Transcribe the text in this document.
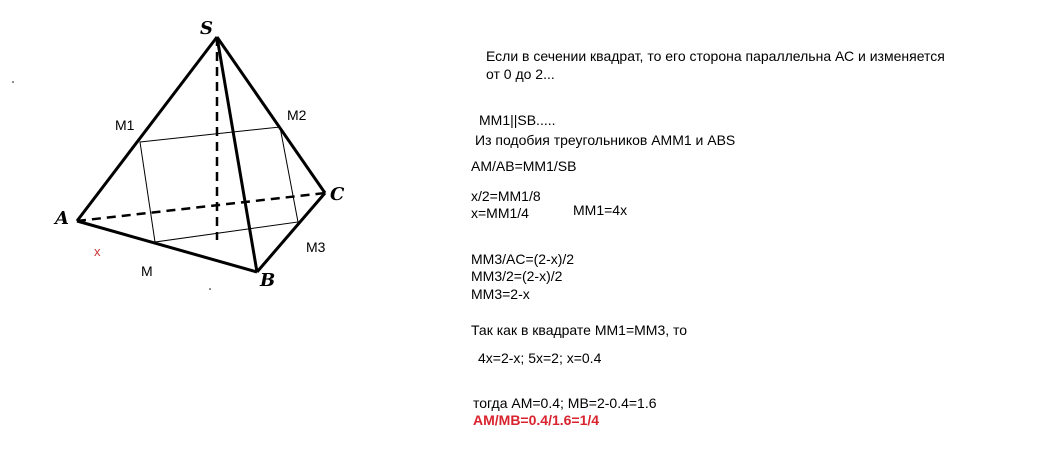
S
A
B
C
M1
M2
M3
M
x
Если в сечении квадрат, то его сторона параллельна АС и изменяется
от 0 до 2...
MM1||SB.....
Из подобия треугольников АММ1 и ABS
AM/AB=MM1/SB
x/2=MM1/8
x=MM1/4	MM1=4x
MM3/AC=(2-x)/2
MM3/2=(2-x)/2
MM3=2-x
Так как в квадрате MM1=MM3, то
4x=2-x; 5x=2; x=0.4
тогда AM=0.4; MB=2-0.4=1.6
AM/MB=0.4/1.6=1/4
